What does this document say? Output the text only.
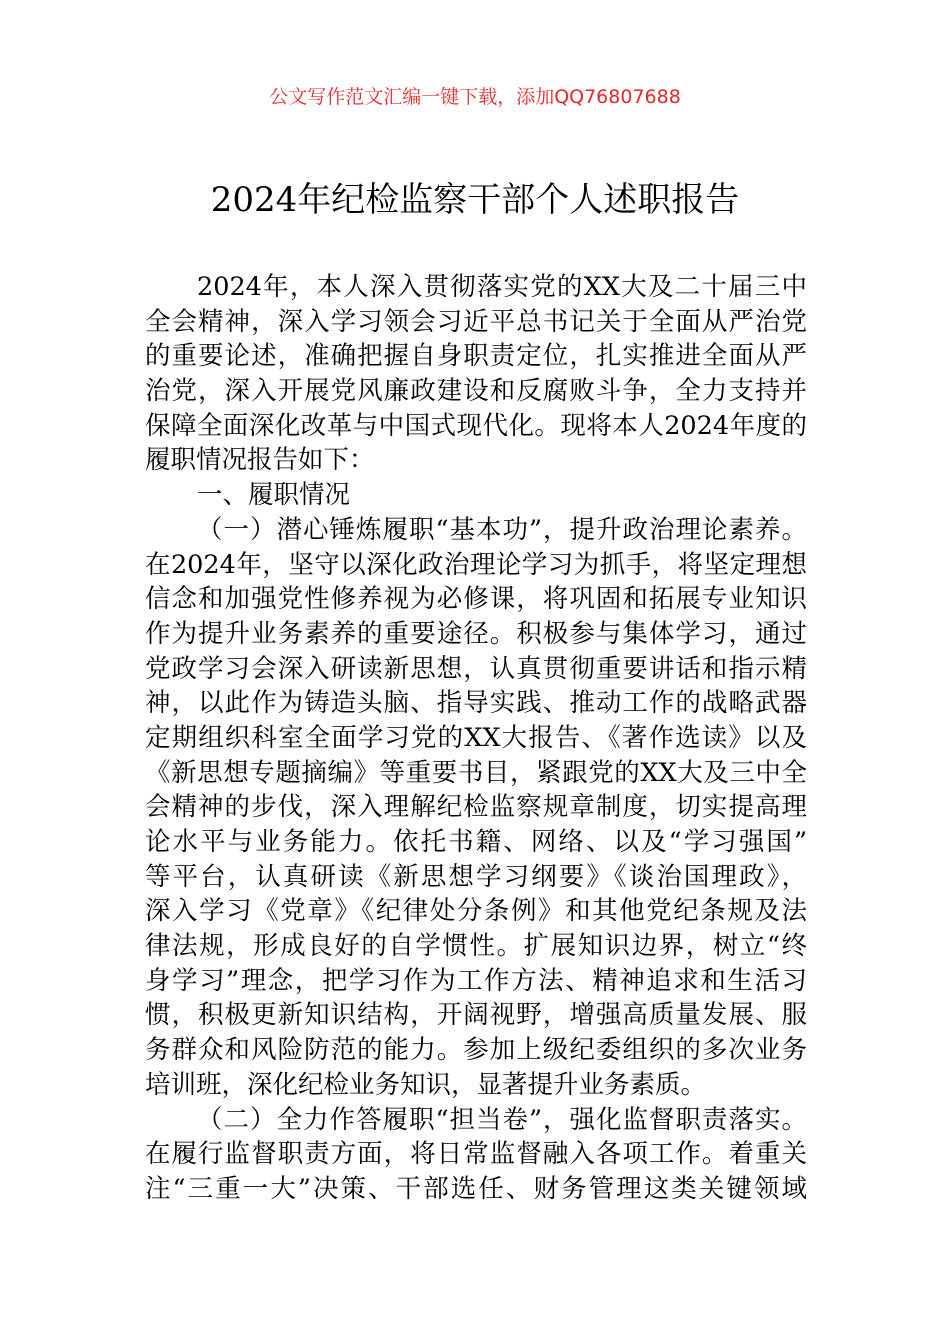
公文写作范文汇编一键下载，添加QQ76807688
2024年纪检监察干部个人述职报告
2024年，本人深入贯彻落实党的XX大及二十届三中
全会精神，深入学习领会习近平总书记关于全面从严治党
的重要论述，准确把握自身职责定位，扎实推进全面从严
治党，深入开展党风廉政建设和反腐败斗争，全力支持并
保障全面深化改革与中国式现代化。现将本人2024年度的
履职情况报告如下：
一、履职情况
（一）潜心锤炼履职“基本功”，提升政治理论素养。
在2024年，坚守以深化政治理论学习为抓手，将坚定理想
信念和加强党性修养视为必修课，将巩固和拓展专业知识
作为提升业务素养的重要途径。积极参与集体学习，通过
党政学习会深入研读新思想，认真贯彻重要讲话和指示精
神，以此作为铸造头脑、指导实践、推动工作的战略武器
定期组织科室全面学习党的XX大报告、《著作选读》以及
《新思想专题摘编》等重要书目，紧跟党的XX大及三中全
会精神的步伐，深入理解纪检监察规章制度，切实提高理
论水平与业务能力。依托书籍、网络、以及“学习强国”
等平台，认真研读《新思想学习纲要》《谈治国理政》，
深入学习《党章》《纪律处分条例》和其他党纪条规及法
律法规，形成良好的自学惯性。扩展知识边界，树立“终
身学习”理念，把学习作为工作方法、精神追求和生活习
惯，积极更新知识结构，开阔视野，增强高质量发展、服
务群众和风险防范的能力。参加上级纪委组织的多次业务
培训班，深化纪检业务知识，显著提升业务素质。
（二）全力作答履职“担当卷”，强化监督职责落实。
在履行监督职责方面，将日常监督融入各项工作。着重关
注“三重一大”决策、干部选任、财务管理这类关键领域
